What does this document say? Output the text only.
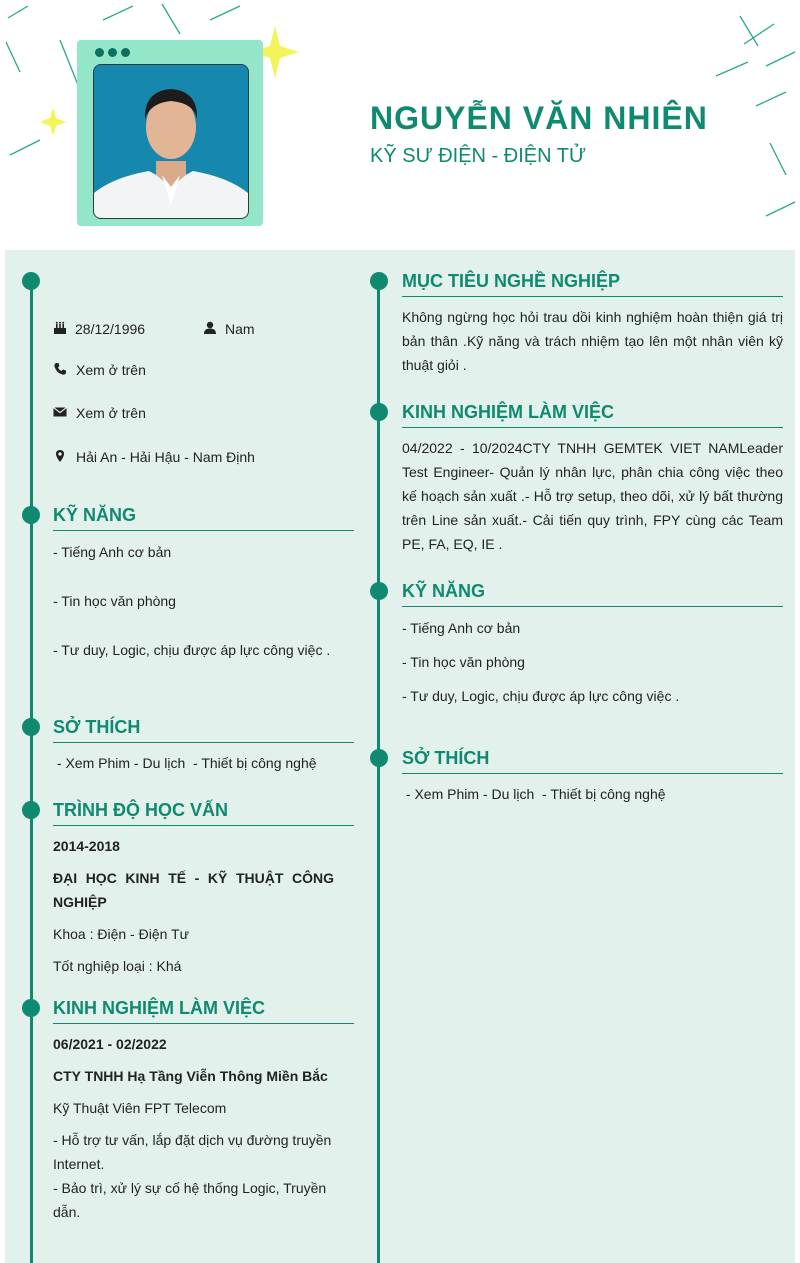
NGUYỄN VĂN NHIÊN
KỸ SƯ ĐIỆN - ĐIỆN TỬ
28/12/1996	Nam
Xem ở trên
Xem ở trên
Hải An - Hải Hậu - Nam Định
KỸ NĂNG
- Tiếng Anh cơ bản
- Tin học văn phòng
- Tư duy, Logic, chịu được áp lực công việc .
SỞ THÍCH
- Xem Phim - Du lịch  - Thiết bị công nghệ
TRÌNH ĐỘ HỌC VẤN
2014-2018
ĐẠI HỌC KINH TẾ - KỸ THUẬT CÔNG NGHIỆP
Khoa : Điện - Điện Tư
Tốt nghiệp loại : Khá
KINH NGHIỆM LÀM VIỆC
06/2021 - 02/2022
CTY TNHH Hạ Tầng Viễn Thông Miền Bắc
Kỹ Thuật Viên FPT Telecom
- Hỗ trợ tư vấn, lắp đặt dịch vụ đường truyền Internet.
- Bảo trì, xử lý sự cố hệ thống Logic, Truyền dẫn.
MỤC TIÊU NGHỀ NGHIỆP
Không ngừng học hỏi trau dồi kinh nghiệm hoàn thiện giá trị bản thân .Kỹ năng và trách nhiệm tạo lên một nhân viên kỹ thuật giỏi .
KINH NGHIỆM LÀM VIỆC
04/2022 - 10/2024CTY TNHH GEMTEK VIET NAMLeader Test Engineer- Quản lý nhân lực, phân chia công việc theo kế hoạch sản xuất .- Hỗ trợ setup, theo dõi, xử lý bất thường trên Line sản xuất.- Cải tiến quy trình, FPY cùng các Team PE, FA, EQ, IE .
KỸ NĂNG
- Tiếng Anh cơ bản
- Tin học văn phòng
- Tư duy, Logic, chịu được áp lực công việc .
SỞ THÍCH
- Xem Phim - Du lịch  - Thiết bị công nghệ
